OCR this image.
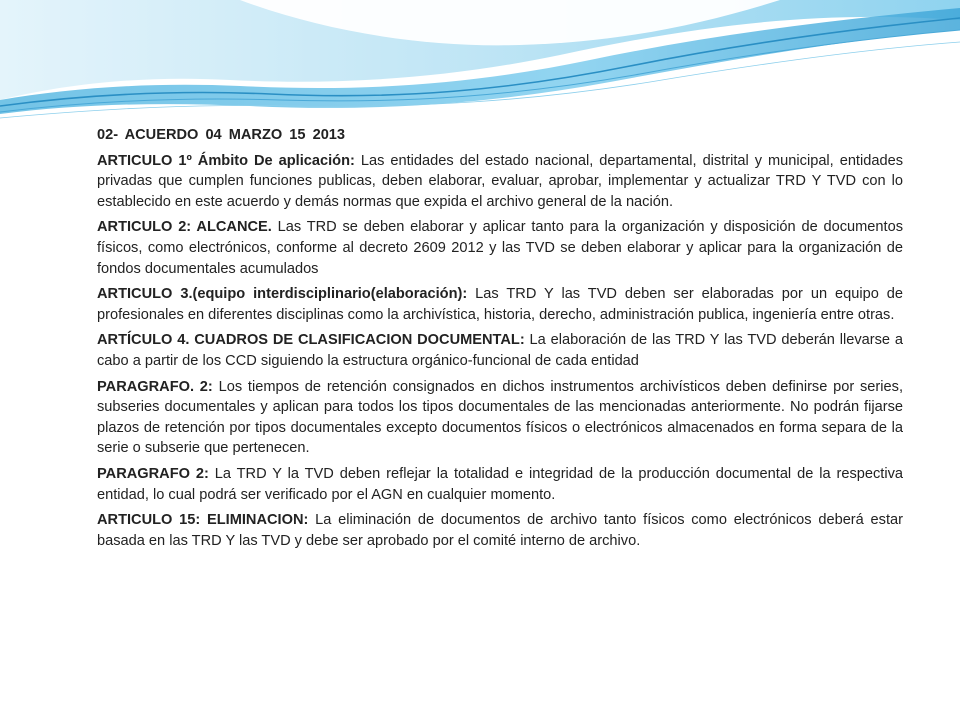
02- ACUERDO 04 MARZO 15 2013

ARTICULO 1º Ámbito De aplicación: Las entidades del estado nacional, departamental, distrital y municipal, entidades privadas que cumplen funciones publicas, deben elaborar, evaluar, aprobar, implementar y actualizar TRD Y TVD con lo establecido en este acuerdo y demás normas que expida el archivo general de la nación.

ARTICULO 2: ALCANCE. Las TRD se deben elaborar y aplicar tanto para la organización y disposición de documentos físicos, como electrónicos, conforme al decreto 2609 2012 y las TVD se deben elaborar y aplicar para la organización de fondos documentales acumulados

ARTICULO 3.(equipo interdisciplinario(elaboración): Las TRD Y las TVD deben ser elaboradas por un equipo de profesionales en diferentes disciplinas como la archivística, historia, derecho, administración publica, ingeniería entre otras.

ARTÍCULO 4. CUADROS DE CLASIFICACION DOCUMENTAL: La elaboración de las TRD Y las TVD deberán llevarse a cabo a partir de los CCD siguiendo la estructura orgánico-funcional de cada entidad

PARAGRAFO. 2: Los tiempos de retención consignados en dichos instrumentos archivísticos deben definirse por series, subseries documentales y aplican para todos los tipos documentales de las mencionadas anteriormente. No podrán fijarse plazos de retención por tipos documentales excepto documentos físicos o electrónicos almacenados en forma separa de la serie o subserie que pertenecen.

PARAGRAFO 2: La TRD Y la TVD deben reflejar la totalidad e integridad de la producción documental de la respectiva entidad, lo cual podrá ser verificado por el AGN en cualquier momento.

ARTICULO 15: ELIMINACION: La eliminación de documentos de archivo tanto físicos como electrónicos deberá estar basada en las TRD Y las TVD y debe ser aprobado por el comité interno de archivo.
